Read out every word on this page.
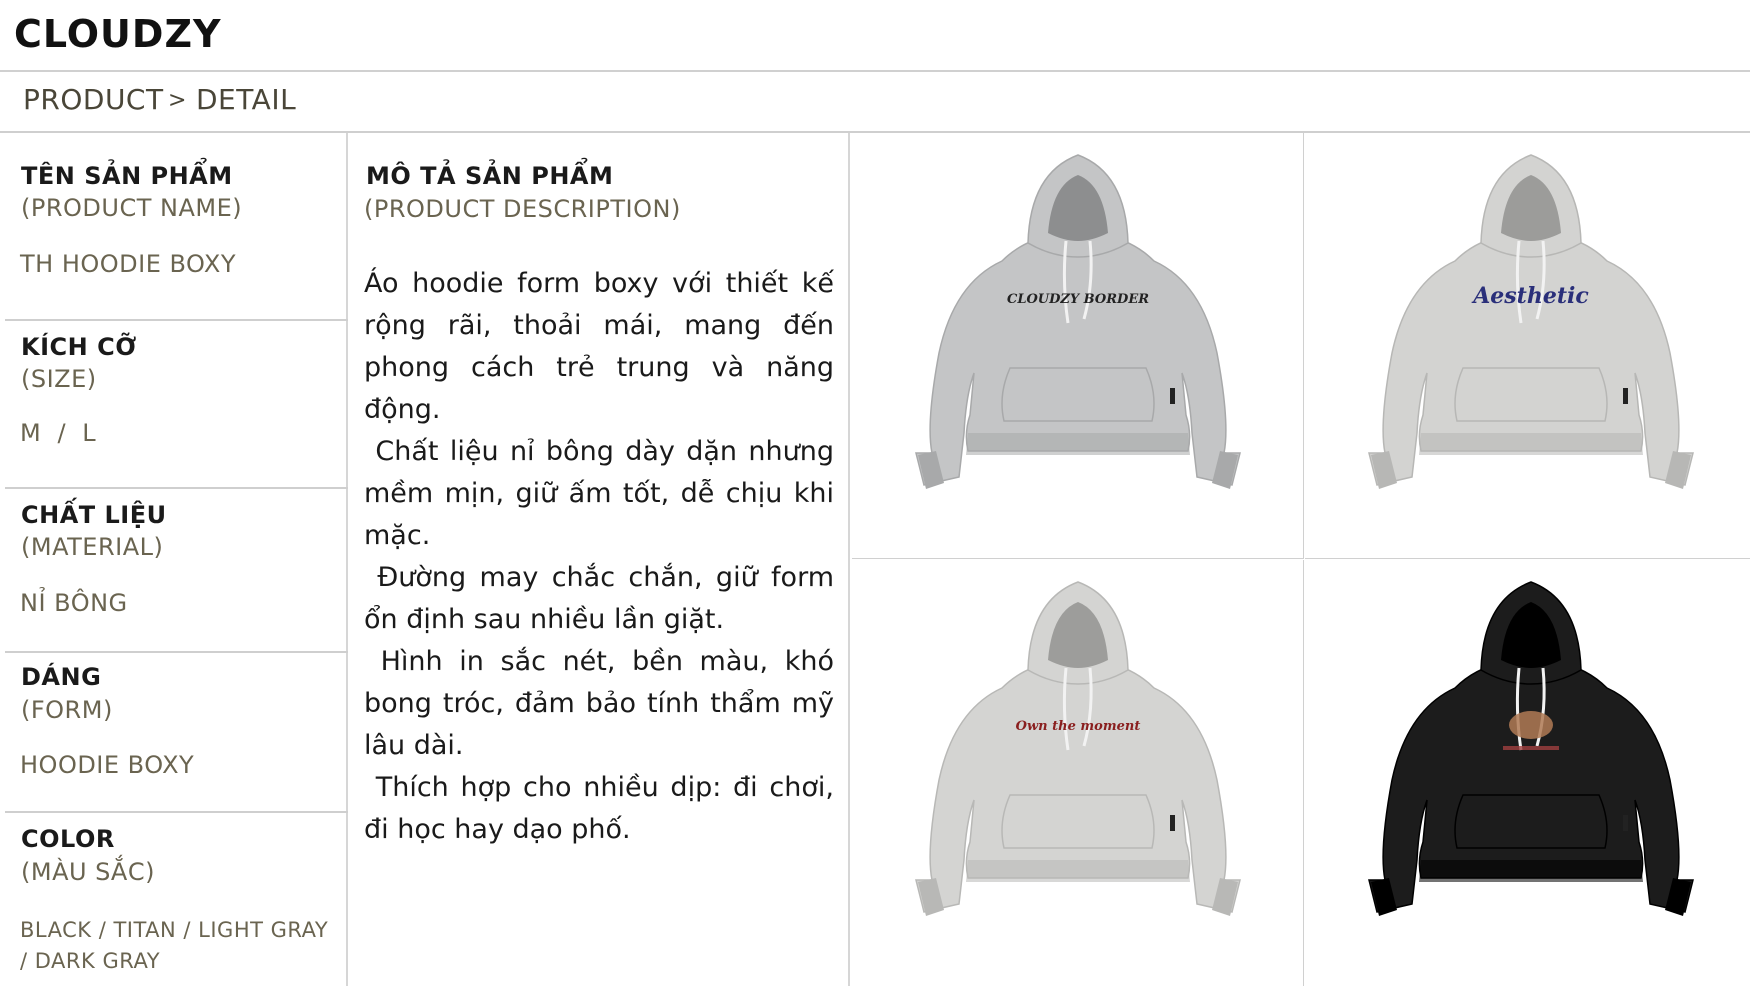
CLOUDZY
PRODUCT > DETAIL
TÊN SẢN PHẨM
(PRODUCT NAME)
TH HOODIE BOXY
KÍCH CỠ
(SIZE)
M  /  L
CHẤT LIỆU
(MATERIAL)
NỈ BÔNG
DÁNG
(FORM)
HOODIE BOXY
COLOR
(MÀU SẮC)
BLACK / TITAN / LIGHT GRAY / DARK GRAY
MÔ TẢ SẢN PHẨM
(PRODUCT DESCRIPTION)

Áo hoodie form boxy với thiết kế rộng rãi, thoải mái, mang đến phong cách trẻ trung và năng động.

Chất liệu nỉ bông dày dặn nhưng mềm mịn, giữ ấm tốt, dễ chịu khi mặc.

Đường may chắc chắn, giữ form ổn định sau nhiều lần giặt.

Hình in sắc nét, bền màu, khó bong tróc, đảm bảo tính thẩm mỹ lâu dài.

Thích hợp cho nhiều dịp: đi chơi, đi học hay dạo phố.

CLOUDZY BORDER	Aesthetic
Own the moment
